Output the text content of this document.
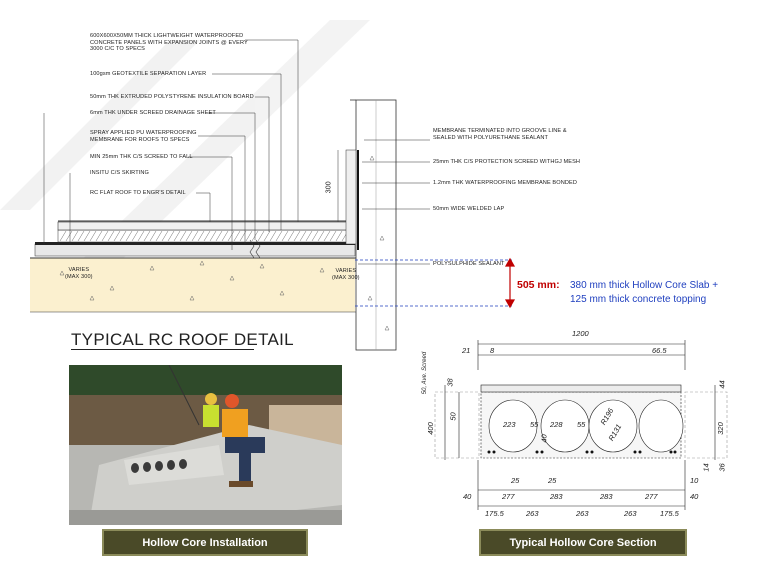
600X600X50MM THICK LIGHTWEIGHT WATERPROOFED
CONCRETE PANELS WITH EXPANSION JOINTS @ EVERY
3000 C/C TO SPECS
100gsm GEOTEXTILE SEPARATION LAYER
50mm THK EXTRUDED POLYSTYRENE INSULATION BOARD
6mm THK UNDER SCREED DRAINAGE SHEET
SPRAY APPLIED PU WATERPROOFING
MEMBRANE FOR ROOFS TO SPECS
MIN 25mm THK C/S SCREED TO FALL
INSITU C/S SKIRTING
RC FLAT ROOF TO ENGR'S DETAIL
MEMBRANE TERMINATED INTO GROOVE LINE &
SEALED WITH POLYURETHANE SEALANT
25mm THK C/S PROTECTION SCREED WITHGJ MESH
1.2mm THK WATERPROOFING MEMBRANE BONDED
50mm WIDE WELDED LAP
POLYSULPHIDE SEALANT
VARIES
(MAX 300)
VARIES
(MAX 300)
300
TYPICAL RC ROOF DETAIL
505 mm: 380 mm thick Hollow Core Slab +
125 mm thick concrete topping
1200
21	8	66.5
50, Ave. Screed 38	44
400
50
320
14 36
223 55 228 55
40
R196
R131
25	25	10
40	277	283	283	277	40
175.5	263	263	263	175.5
Hollow Core Installation	Typical Hollow Core Section
